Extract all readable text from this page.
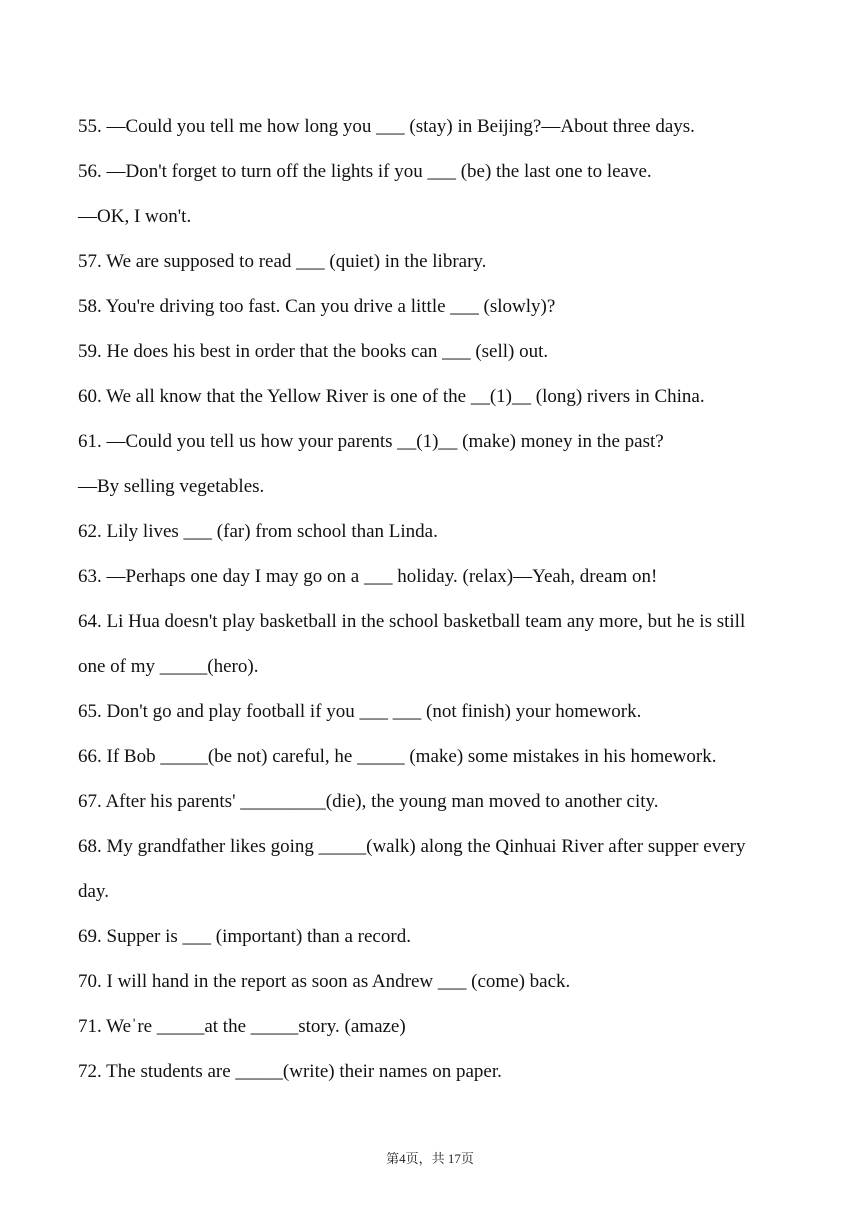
55. —Could you tell me how long you ___ (stay) in Beijing?—About three days.
56. —Don't forget to turn off the lights if you ___ (be) the last one to leave.
—OK, I won't.
57. We are supposed to read ___ (quiet) in the library.
58. You're driving too fast. Can you drive a little ___ (slowly)?
59. He does his best in order that the books can ___ (sell) out.
60. We all know that the Yellow River is one of the __(1)__ (long) rivers in China.
61. —Could you tell us how your parents __(1)__ (make) money in the past?
—By selling vegetables.
62. Lily lives ___ (far) from school than Linda.
63. —Perhaps one day I may go on a ___ holiday. (relax)—Yeah, dream on!
64. Li Hua doesn't play basketball in the school basketball team any more, but he is still
one of my _____(hero).
65. Don't go and play football if you ___ ___ (not finish) your homework.
66. If Bob _____(be not) careful, he _____ (make) some mistakes in his homework.
67. After his parents' _________(die), the young man moved to another city.
68. My grandfather likes going _____(walk) along the Qinhuai River after supper every
day.
69. Supper is ___ (important) than a record.
70. I will hand in the report as soon as Andrew ___ (come) back.
71. Weˈre _____at the _____story. (amaze)
72. The students are _____(write) their names on paper.
第4页，共 17页
